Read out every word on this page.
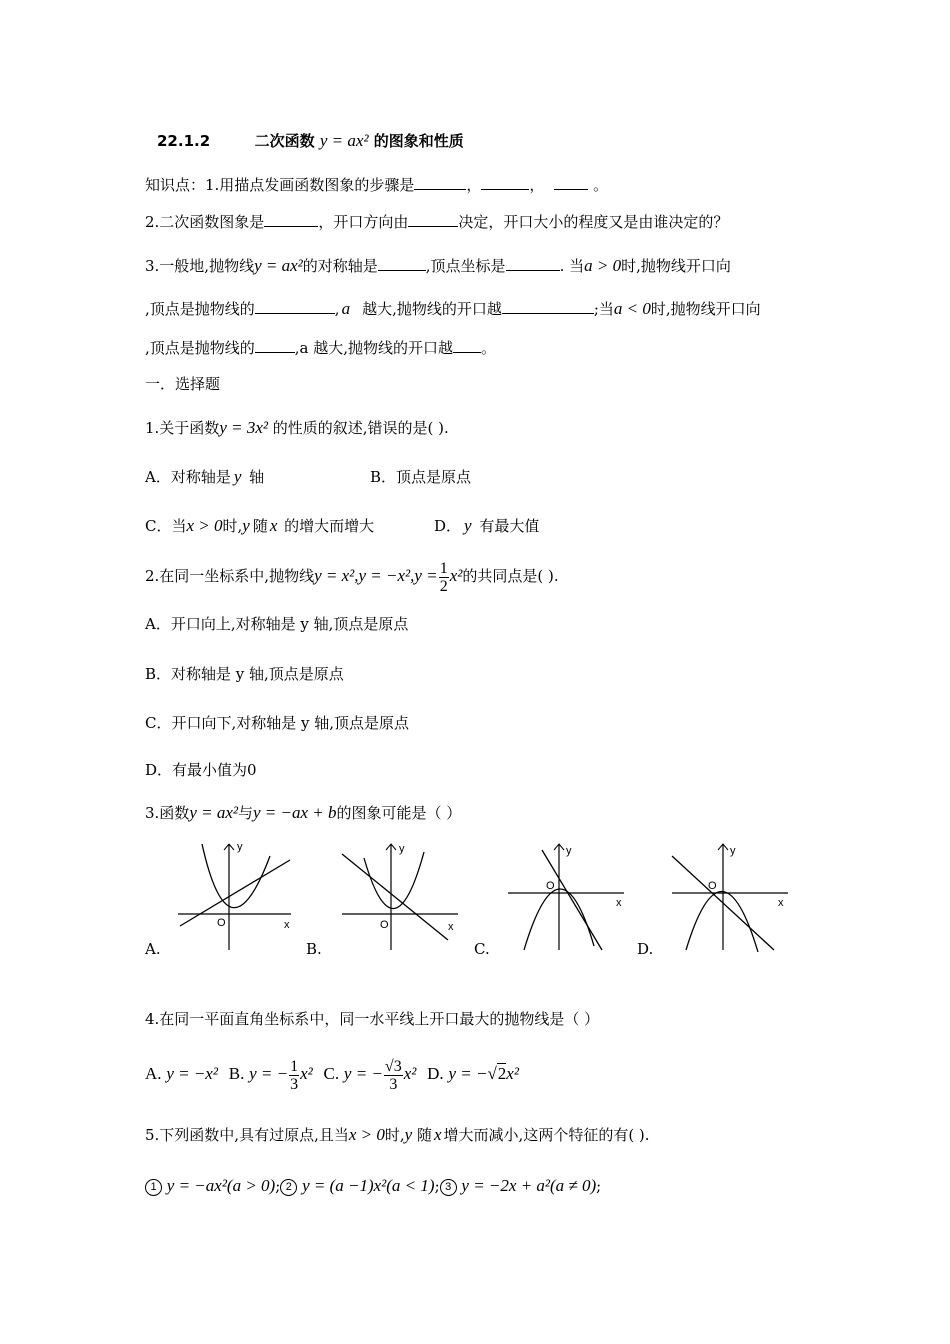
22.1.2	二次函数 y = ax² 的图象和性质
知识点：1.用描点发画函数图象的步骤是	，	，	。
2.二次函数图象是	，开口方向由	决定，开口大小的程度又是由谁决定的？
3.一般地,抛物线y = ax²的对称轴是	,顶点坐标是	. 当a > 0时,抛物线开口向
,顶点是抛物线的	, a 越大,抛物线的开口越	;当a < 0时,抛物线开口向
,顶点是抛物线的	,a 越大,抛物线的开口越 。
一．选择题
1.关于函数y = 3x² 的性质的叙述,错误的是( ).
A．对称轴是 y 轴	B．顶点是原点
C．当x > 0时,y 随 x 的增大而增大	D． y 有最大值
2.在同一坐标系中,抛物线$y = x^2,y = -x^2,y = \frac{1}{2} x^2$的共同点是( ).
A．开口向上,对称轴是 y 轴,顶点是原点
B．对称轴是 y 轴,顶点是原点
C．开口向下,对称轴是 y 轴,顶点是原点
D．有最小值为0
3.函数y = ax²与y = −ax + b的图象可能是（ ）
y
x
O
A.
y
x
O
B.
y
x
O
C.
y
x
O
D.
4.在同一平面直角坐标系中，同一水平线上开口最大的抛物线是（ ）
A. y = −x² B. y = − $\frac{1}{3} x^2$ C. y = − $\frac{√3}{3} x^2$ D. y = −√2x²
5.下列函数中,具有过原点,且当x > 0时,y 随 x 增大而减小,这两个特征的有( ).
1 y = −ax²(a > 0); 2 y = (a −1)x²(a < 1); 3 y = −2x + a²(a ≠ 0);
